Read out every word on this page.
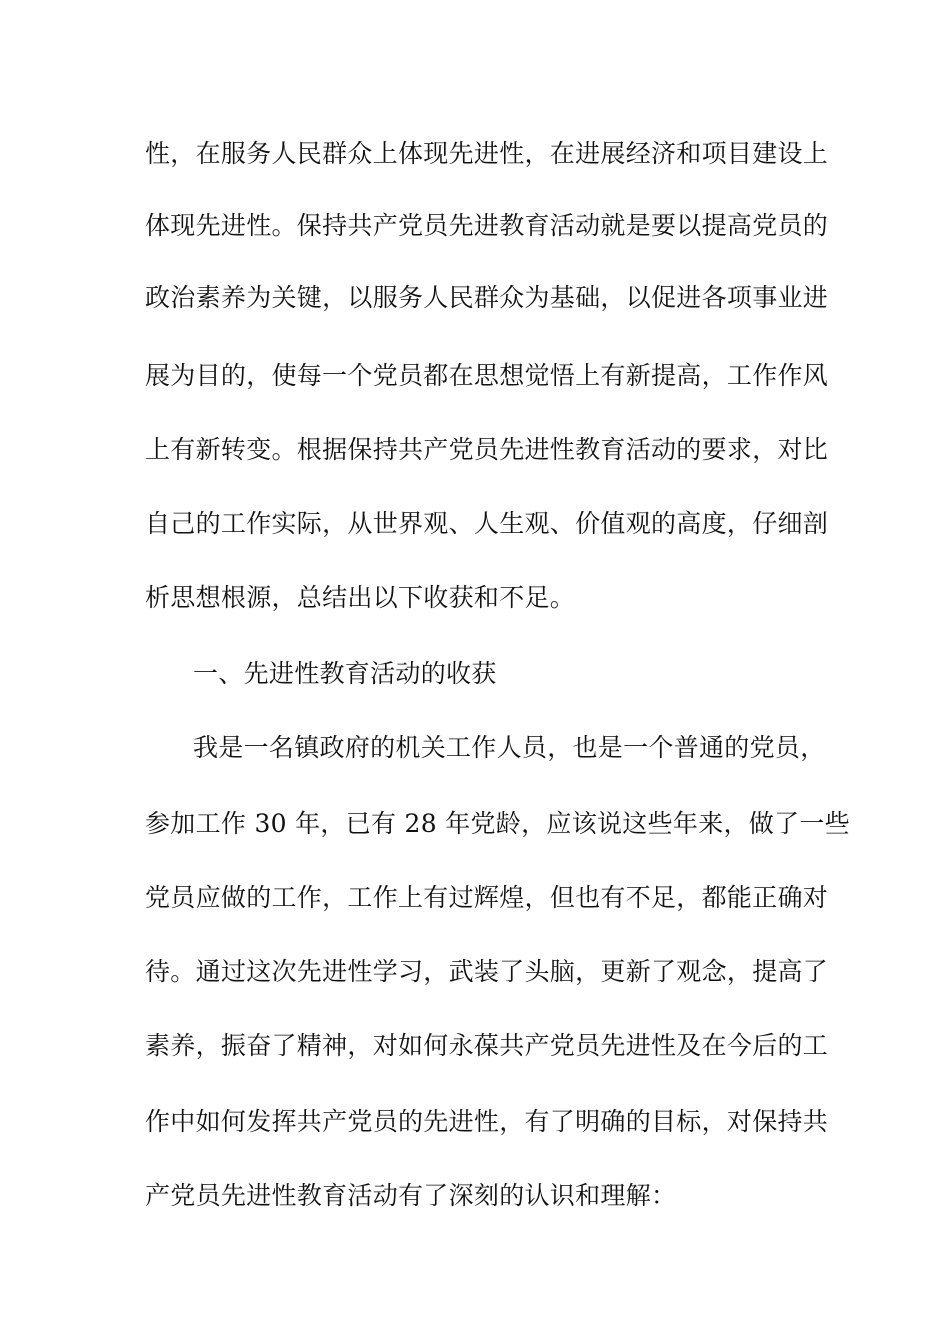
性，在服务人民群众上体现先进性，在进展经济和项目建设上
体现先进性。保持共产党员先进教育活动就是要以提高党员的
政治素养为关键，以服务人民群众为基础，以促进各项事业进
展为目的，使每一个党员都在思想觉悟上有新提高，工作作风
上有新转变。根据保持共产党员先进性教育活动的要求，对比
自己的工作实际，从世界观、人生观、价值观的高度，仔细剖
析思想根源，总结出以下收获和不足。
一、先进性教育活动的收获
我是一名镇政府的机关工作人员，也是一个普通的党员，
参加工作 30 年，已有 28 年党龄，应该说这些年来，做了一些
党员应做的工作，工作上有过辉煌，但也有不足，都能正确对
待。通过这次先进性学习，武装了头脑，更新了观念，提高了
素养，振奋了精神，对如何永葆共产党员先进性及在今后的工
作中如何发挥共产党员的先进性，有了明确的目标，对保持共
产党员先进性教育活动有了深刻的认识和理解：
